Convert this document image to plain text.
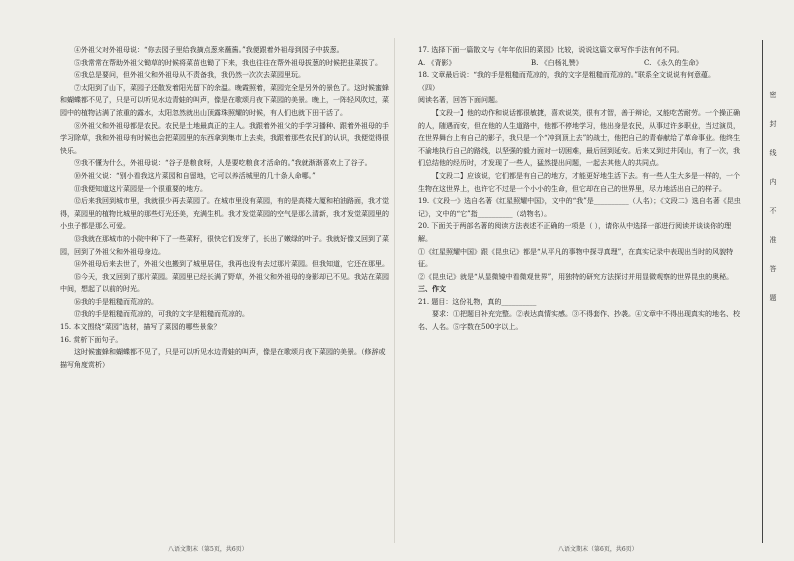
④外祖父对外祖母说：“你去园子里给我摘点葱来蘸酱。”我便跟着外祖母到园子中拔葱。

⑤我常常在帮助外祖父锄草的时候将菜苗也锄了下来，我也往往在帮外祖母拔葱的时候把韭菜拔了。

⑥我总是要问，但外祖父和外祖母从不责备我，我仍然一次次去菜园里玩。

⑦太阳到了山下，菜园子还散发着阳光留下的余温。晚霞照着，菜园完全是另外的景色了。这时候蜜蜂和蝴蝶都不见了，只是可以听见水边青蛙的叫声，像是在歌颂月夜下菜园的美景。晚上，一阵轻风吹过，菜园中的植物沾满了浓重的露水，太阳忽然就出山顶露珠照耀的时候，有人们也就下田干活了。

⑧外祖父和外祖母都是农民。农民是土地最真正的主人。我跟着外祖父的手学习播种、跟着外祖母的手学习除草，我和外祖母有时候也会把菜园里的东西拿到集市上去卖，我跟着那些农民们的认识，我便觉得很快乐。

⑨我不懂为什么，外祖母说：“谷子是粮食呀，人是要吃粮食才活命的。”我就渐渐喜欢上了谷子。

⑩外祖父说：“别小看我这片菜园和自留地，它可以养活城里的几十条人命哪。”

⑪我便知道这片菜园是一个很重要的地方。

⑫后来我回到城市里，我就很少再去菜园了。在城市里没有菜园，有的是高楼大厦和柏油路面，我才觉得，菜园里的植物比城里的那些灯光还美，充满生机。我才发觉菜园的空气是那么清新，我才发觉菜园里的小虫子都是那么可爱。

⑬我就在那城市的小院中种下了一些菜籽，很快它们发芽了，长出了嫩绿的叶子。我就好像又回到了菜园，回到了外祖父和外祖母身边。

⑭外祖母后来去世了，外祖父也搬到了城里居住，我再也没有去过那片菜园。但我知道，它还在那里。

⑮今天，我又回到了那片菜园。菜园里已经长满了野草，外祖父和外祖母的身影却已不见。我站在菜园中间，想起了以前的时光。

⑯我的手是粗糙而荒凉的。

⑰我的手是粗糙而荒凉的，可我的文字是粗糙而荒凉的。

15. 本文围绕“菜园”选材，描写了菜园的哪些景象？

16. 赏析下面句子。

这时候蜜蜂和蝴蝶都不见了，只是可以听见水边青蛙的叫声，像是在歌颂月夜下菜园的美景。（修辞或描写角度赏析）

17. 选择下面一篇散文与《年年依旧的菜园》比较，说说这篇文章写作手法有何不同。

A. 《背影》	B. 《白杨礼赞》	C. 《永久的生命》

18. 文章最后说：“我的手是粗糙而荒凉的，我的文字是粗糙而荒凉的。”联系全文说说有何意蕴。

（四）

阅读名著，回答下面问题。

【文段一】他的动作和说话都很敏捷，喜欢说笑，很有才智，善于辩论，又能吃苦耐劳。一个操正确的人，随遇而安，但在他的人生道路中，他都不停地学习，他出身是农民，从事过许多职业，当过演员，在世界舞台上有自己的影子，我只是一个“冲到顶上去”的战士，他把自己的青春献给了革命事业。他终生不渝地执行自己的路线，以坚强的毅力面对一切困难，最后回到延安。后来又到过井冈山，有了一次，我们总结他的经历时，才发现了一些人，猛然提出问题，一起去其他人的共同点。

【文段二】应该说，它们都是有自己的地方，才能更好地生活下去。有一些人生大多是一样的，一个生物在这世界上，也许它不过是一个小小的生命，但它却在自己的世界里，尽力地活出自己的样子。

19.《文段一》选自名著《红星照耀中国》，文中的“我”是__________（人名）；《文段二》选自名著《昆虫记》，文中的“它”指__________（动物名）。

20. 下面关于两部名著的阅读方法表述不正确的一项是（ ），请你从中选择一部进行阅读并谈谈你的理解。

①《红星照耀中国》跟《昆虫记》都是“从平凡的事物中探寻真理”，在真实记录中表现出当时的风貌特征。

②《昆虫记》就是“从显微镜中看微观世界”，用独特的研究方法探讨并用显微观察的世界昆虫的奥秘。

三、作文

21. 题目：这份礼物，真的__________

要求：①把题目补充完整。②表达真情实感。③不得套作、抄袭。④文章中不得出现真实的地名、校名、人名。⑤字数在500字以上。

密
封
线
内
不
准
答
题
八语文期末（第5页，共6页）	八语文期末（第6页，共6页）
